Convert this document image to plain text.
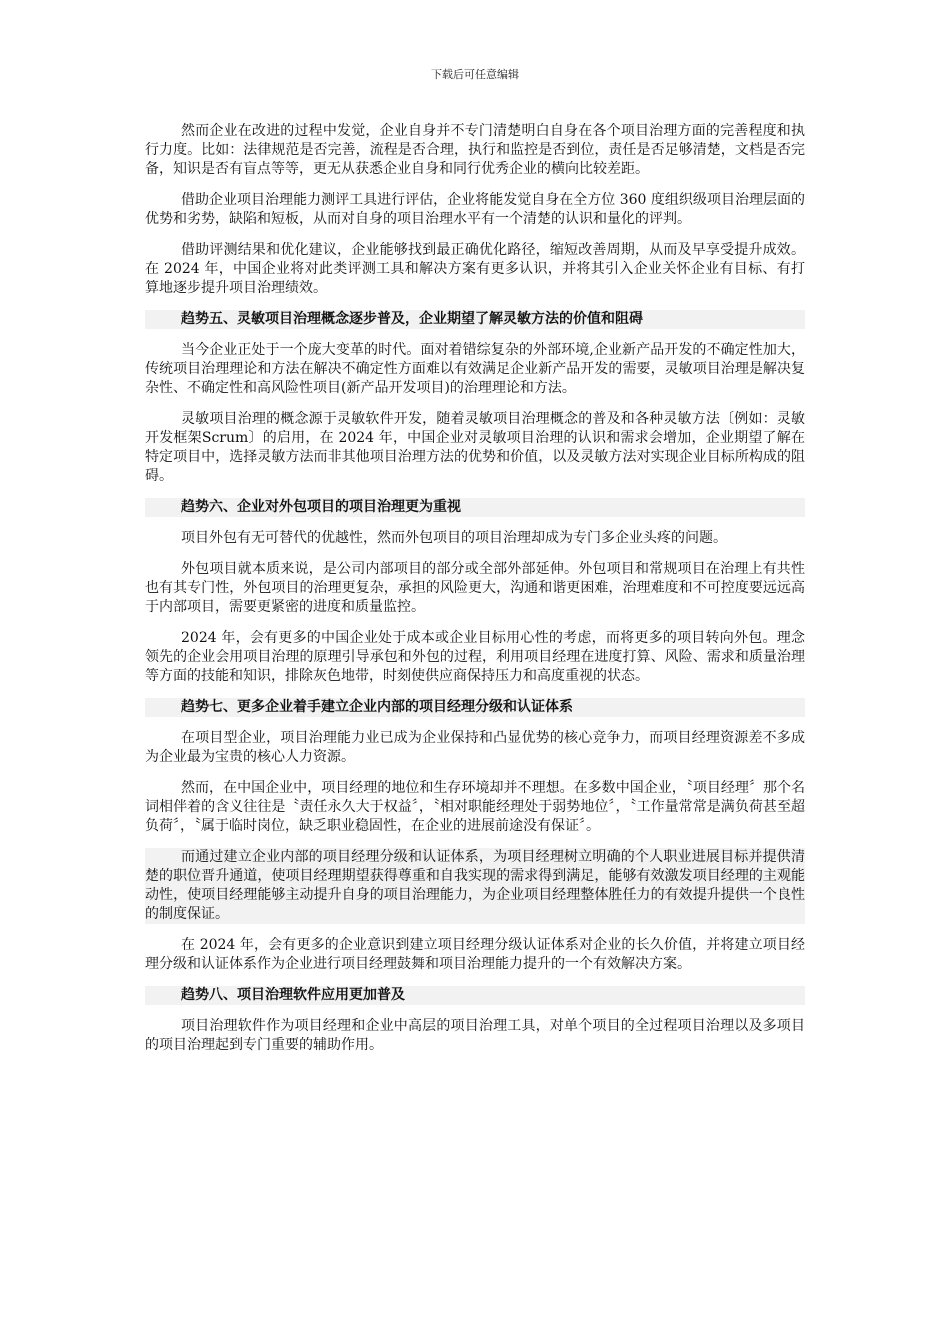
下载后可任意编辑

然而企业在改进的过程中发觉，企业自身并不专门清楚明白自身在各个项目治理方面的完善程度和执行力度。比如：法律规范是否完善，流程是否合理，执行和监控是否到位，责任是否足够清楚，文档是否完备，知识是否有盲点等等，更无从获悉企业自身和同行优秀企业的横向比较差距。

借助企业项目治理能力测评工具进行评估，企业将能发觉自身在全方位 360 度组织级项目治理层面的优势和劣势，缺陷和短板，从而对自身的项目治理水平有一个清楚的认识和量化的评判。

借助评测结果和优化建议，企业能够找到最正确优化路径，缩短改善周期，从而及早享受提升成效。在 2024 年，中国企业将对此类评测工具和解决方案有更多认识，并将其引入企业关怀企业有目标、有打算地逐步提升项目治理绩效。

趋势五、灵敏项目治理概念逐步普及，企业期望了解灵敏方法的价值和阻碍

当今企业正处于一个庞大变革的时代。面对着错综复杂的外部环境,企业新产品开发的不确定性加大，传统项目治理理论和方法在解决不确定性方面难以有效满足企业新产品开发的需要，灵敏项目治理是解决复杂性、不确定性和高风险性项目(新产品开发项目)的治理理论和方法。

灵敏项目治理的概念源于灵敏软件开发，随着灵敏项目治理概念的普及和各种灵敏方法〔例如：灵敏开发框架Scrum〕的启用，在 2024 年，中国企业对灵敏项目治理的认识和需求会增加，企业期望了解在特定项目中，选择灵敏方法而非其他项目治理方法的优势和价值，以及灵敏方法对实现企业目标所构成的阻碍。

趋势六、企业对外包项目的项目治理更为重视

项目外包有无可替代的优越性，然而外包项目的项目治理却成为专门多企业头疼的问题。

外包项目就本质来说，是公司内部项目的部分或全部外部延伸。外包项目和常规项目在治理上有共性也有其专门性，外包项目的治理更复杂，承担的风险更大，沟通和谐更困难，治理难度和不可控度要远远高于内部项目，需要更紧密的进度和质量监控。

2024 年，会有更多的中国企业处于成本或企业目标用心性的考虑，而将更多的项目转向外包。理念领先的企业会用项目治理的原理引导承包和外包的过程，利用项目经理在进度打算、风险、需求和质量治理等方面的技能和知识，排除灰色地带，时刻使供应商保持压力和高度重视的状态。

趋势七、更多企业着手建立企业内部的项目经理分级和认证体系

在项目型企业，项目治理能力业已成为企业保持和凸显优势的核心竞争力，而项目经理资源差不多成为企业最为宝贵的核心人力资源。

然而，在中国企业中，项目经理的地位和生存环境却并不理想。在多数中国企业，〝项目经理〞那个名词相伴着的含义往往是〝责任永久大于权益〞，〝相对职能经理处于弱势地位〞，〝工作量常常是满负荷甚至超负荷〞，〝属于临时岗位，缺乏职业稳固性，在企业的进展前途没有保证〞。

而通过建立企业内部的项目经理分级和认证体系，为项目经理树立明确的个人职业进展目标并提供清楚的职位晋升通道，使项目经理期望获得尊重和自我实现的需求得到满足，能够有效激发项目经理的主观能动性，使项目经理能够主动提升自身的项目治理能力，为企业项目经理整体胜任力的有效提升提供一个良性的制度保证。

在 2024 年，会有更多的企业意识到建立项目经理分级认证体系对企业的长久价值，并将建立项目经理分级和认证体系作为企业进行项目经理鼓舞和项目治理能力提升的一个有效解决方案。

趋势八、项目治理软件应用更加普及

项目治理软件作为项目经理和企业中高层的项目治理工具，对单个项目的全过程项目治理以及多项目的项目治理起到专门重要的辅助作用。
